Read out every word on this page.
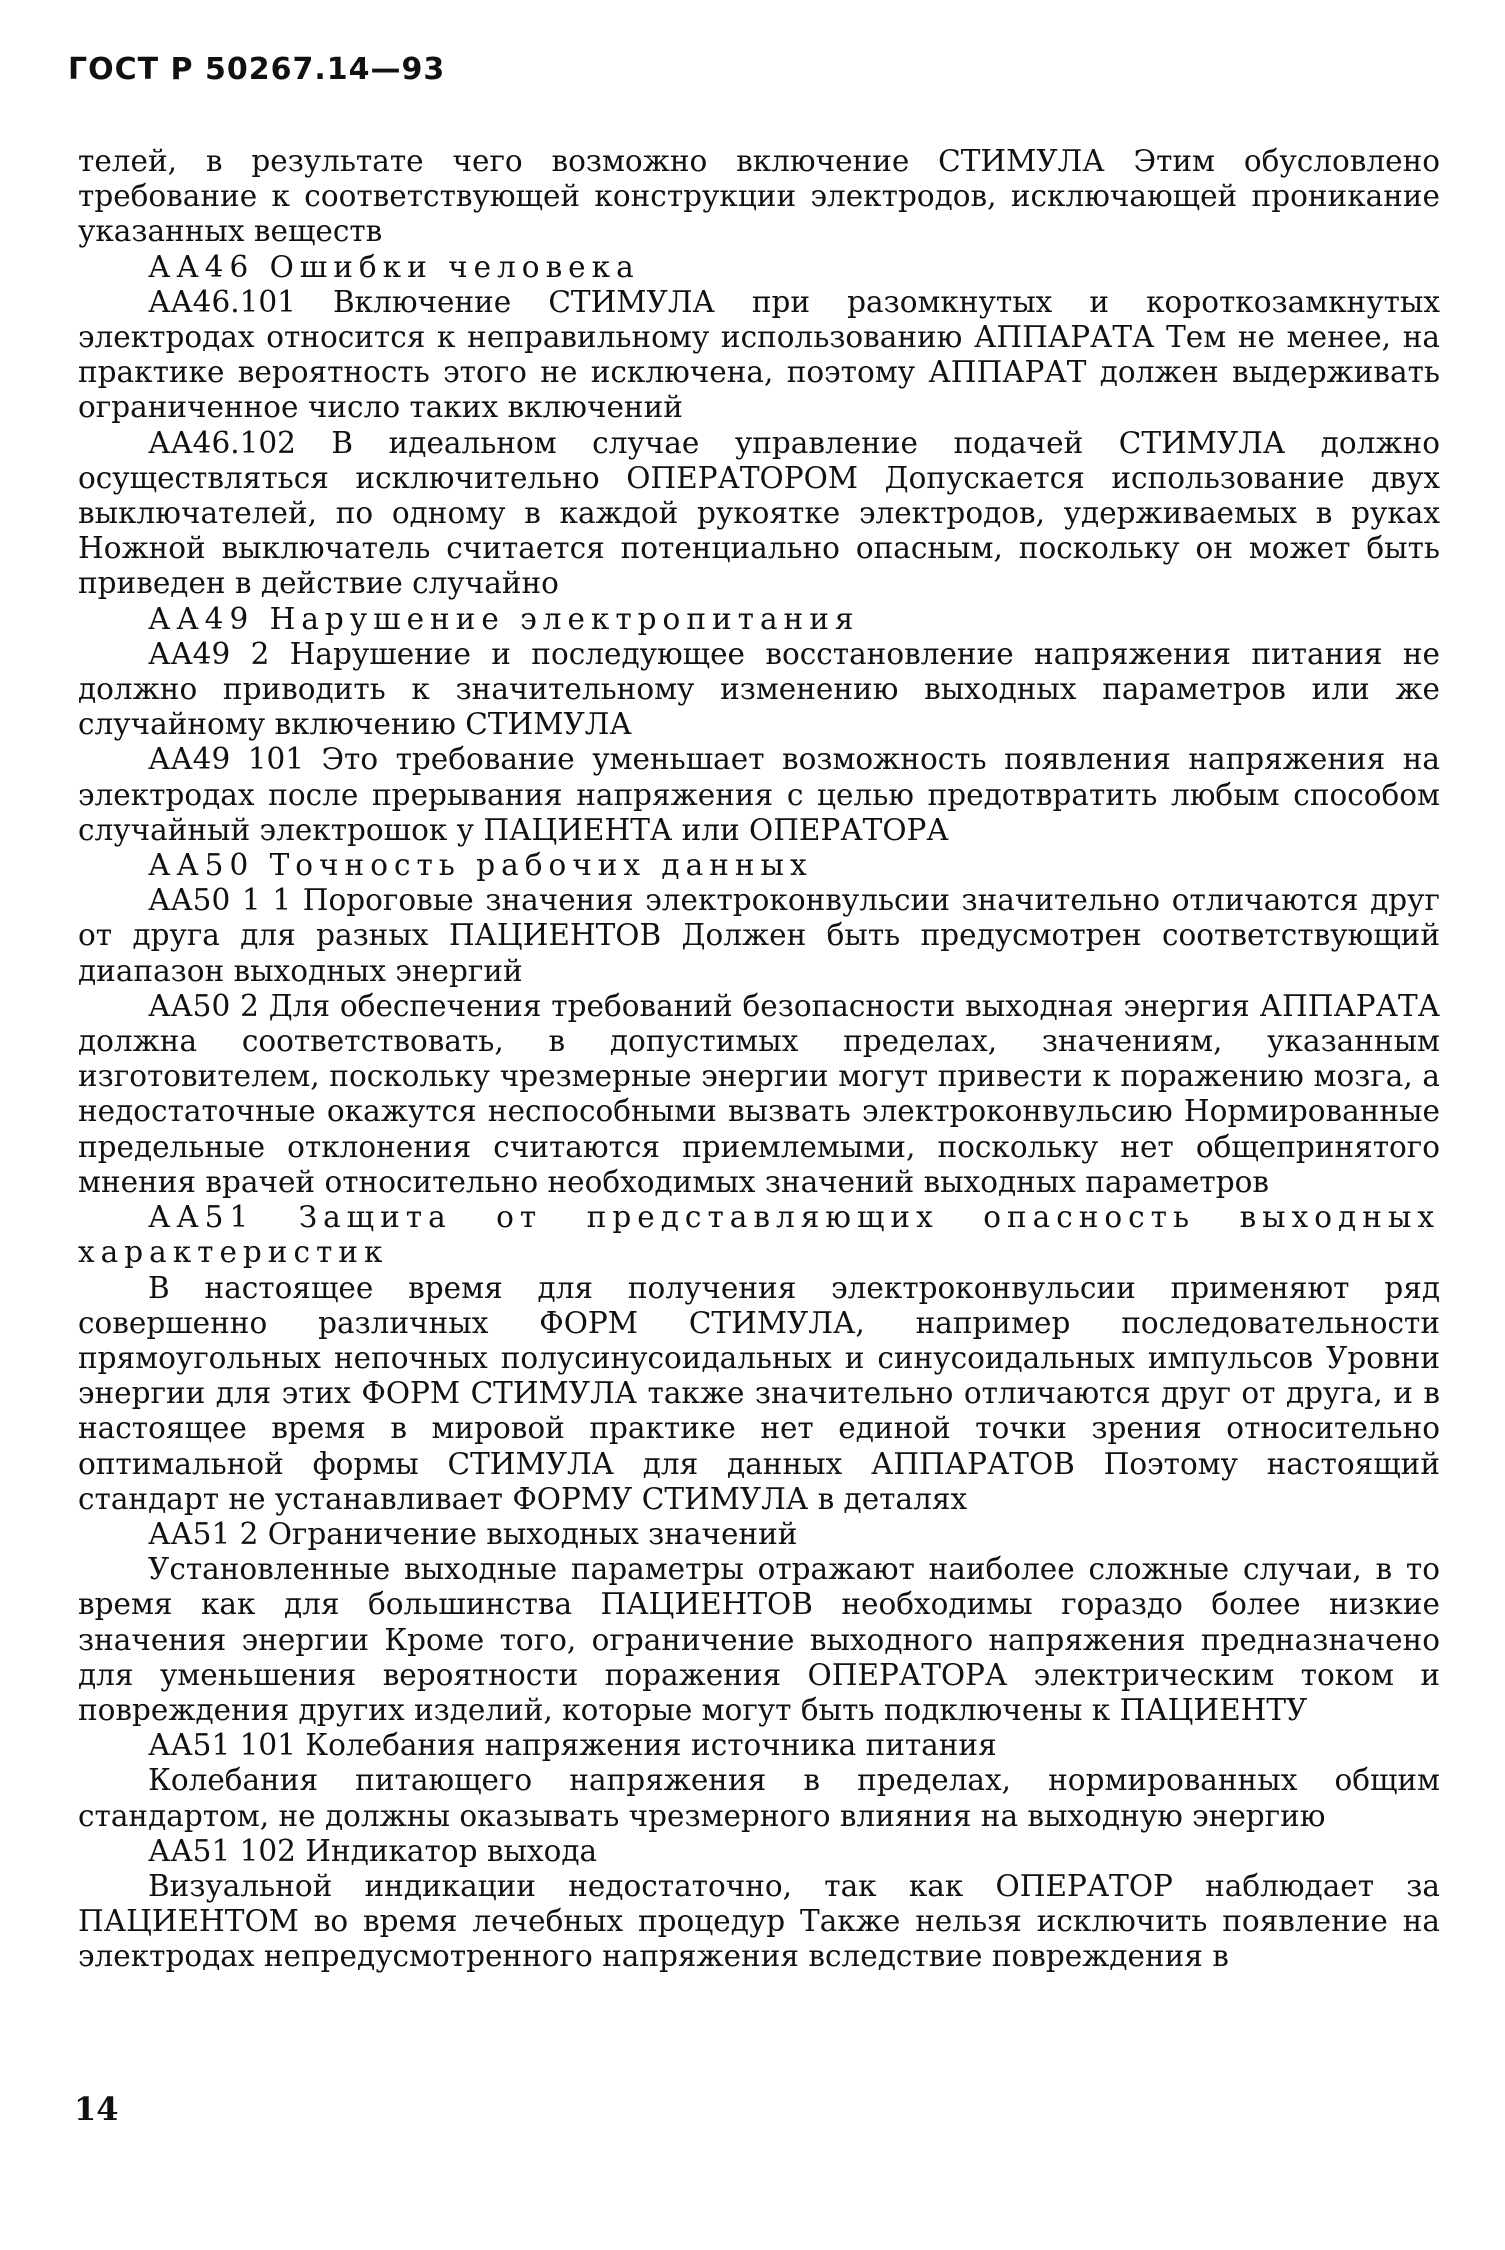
ГОСТ Р 50267.14—93

телей, в результате чего возможно включение СТИМУЛА Этим обусловлено требование к соответствующей конструкции электродов, исключающей проникание указанных веществ

АА46 Ошибки человека

АА46.101 Включение СТИМУЛА при разомкнутых и короткозамкнутых электродах относится к неправильному использованию АППАРАТА Тем не менее, на практике вероятность этого не исключена, поэтому АППАРАТ должен выдерживать ограниченное число таких включений

АА46.102 В идеальном случае управление подачей СТИМУЛА должно осуществляться исключительно ОПЕРАТОРОМ Допускается использование двух выключателей, по одному в каждой рукоятке электродов, удерживаемых в руках Ножной выключатель считается потенциально опасным, поскольку он может быть приведен в действие случайно

АА49 Нарушение электропитания

АА49 2 Нарушение и последующее восстановление напряжения питания не должно приводить к значительному изменению выходных параметров или же случайному включению СТИМУЛА

АА49 101 Это требование уменьшает возможность появления напряжения на электродах после прерывания напряжения с целью предотвратить любым способом случайный электрошок у ПАЦИЕНТА или ОПЕРАТОРА

АА50 Точность рабочих данных

АА50 1 1 Пороговые значения электроконвульсии значительно отличаются друг от друга для разных ПАЦИЕНТОВ Должен быть предусмотрен соответствующий диапазон выходных энергий

АА50 2 Для обеспечения требований безопасности выходная энергия АППАРАТА должна соответствовать, в допустимых пределах, значениям, указанным изготовителем, поскольку чрезмерные энергии могут привести к поражению мозга, а недостаточные окажутся неспособными вызвать электроконвульсию Нормированные предельные отклонения считаются приемлемыми, поскольку нет общепринятого мнения врачей относительно необходимых значений выходных параметров

АА51 Защита от представляющих опасность выходных характеристик

В настоящее время для получения электроконвульсии применяют ряд совершенно различных ФОРМ СТИМУЛА, например последовательности прямоугольных непочных полусинусоидальных и синусоидальных импульсов Уровни энергии для этих ФОРМ СТИМУЛА также значительно отличаются друг от друга, и в настоящее время в мировой практике нет единой точки зрения относительно оптимальной формы СТИМУЛА для данных АППАРАТОВ Поэтому настоящий стандарт не устанавливает ФОРМУ СТИМУЛА в деталях

АА51 2 Ограничение выходных значений

Установленные выходные параметры отражают наиболее сложные случаи, в то время как для большинства ПАЦИЕНТОВ необходимы гораздо более низкие значения энергии Кроме того, ограничение выходного напряжения предназначено для уменьшения вероятности поражения ОПЕРАТОРА электрическим током и повреждения других изделий, которые могут быть подключены к ПАЦИЕНТУ

АА51 101 Колебания напряжения источника питания

Колебания питающего напряжения в пределах, нормированных общим стандартом, не должны оказывать чрезмерного влияния на выходную энергию

АА51 102 Индикатор выхода

Визуальной индикации недостаточно, так как ОПЕРАТОР наблюдает за ПАЦИЕНТОМ во время лечебных процедур Также нельзя исключить появление на электродах непредусмотренного напряжения вследствие повреждения в

14
